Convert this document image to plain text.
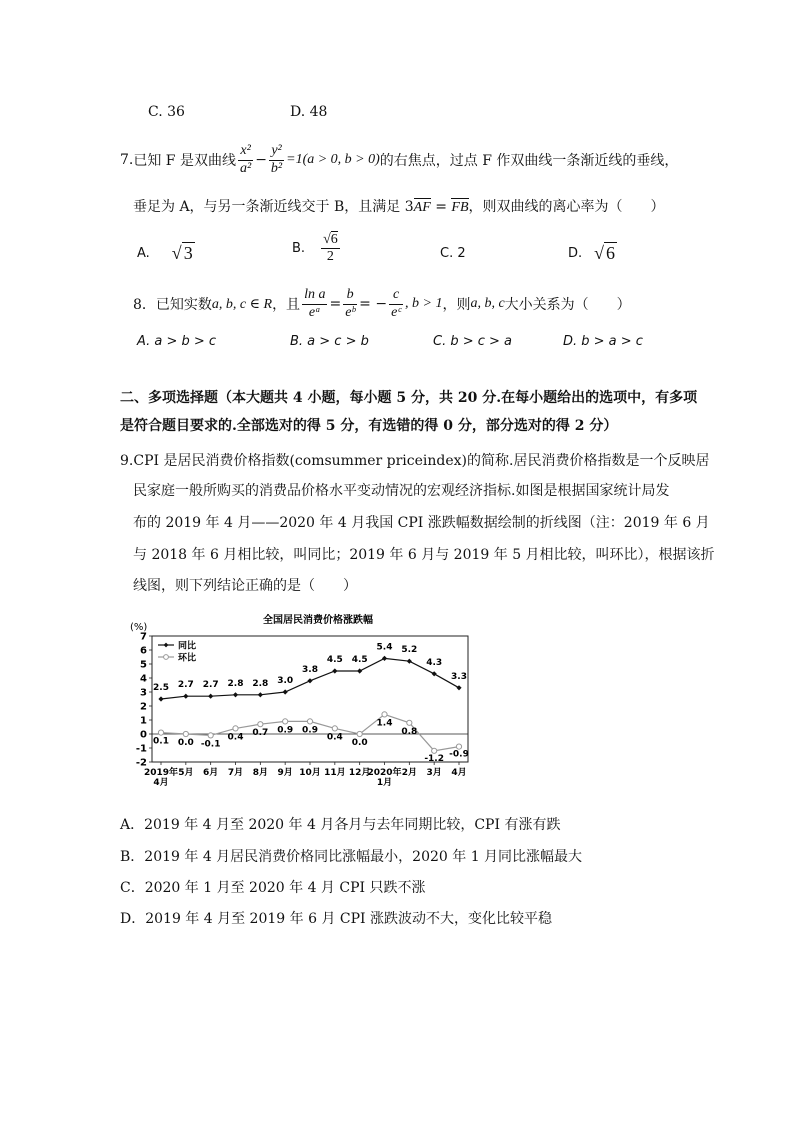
C. 36	D. 48
7. 已知 F 是双曲线 $\frac{\text{x²}}{\text{a²}} - \frac{\text{y²}}{\text{b²}} =1(a > 0$, b > 0) 的右焦点，过点 F 作双曲线一条渐近线的垂线，
垂足为 A，与另一条渐近线交于 B，且满足 3AF = FB，则双曲线的离心率为（　　）
A. √ 3	B. $\frac{√6}{2}$	C. 2	D. √ 6
8．已知实数 a, b, c ∈ R ，且 $\frac{\text{ln a}}{\text{eᵃ}} = \frac{b}{\text{eᵇ}}$ = − $\frac{c}{\text{eᶜ}}$ , b > 1 ，则 a, b, c 大小关系为（　　）
A. a > b > c	B. a > c > b	C. b > c > a	D. b > a > c
二、多项选择题（本大题共 4 小题，每小题 5 分，共 20 分.在每小题给出的选项中，有多项
是符合题目要求的.全部选对的得 5 分，有选错的得 0 分，部分选对的得 2 分）
9.CPI 是居民消费价格指数(comsummer priceindex)的简称.居民消费价格指数是一个反映居
民家庭一般所购买的消费品价格水平变动情况的宏观经济指标.如图是根据国家统计局发
布的 2019 年 4 月——2020 年 4 月我国 CPI 涨跌幅数据绘制的折线图（注：2019 年 6 月
与 2018 年 6 月相比较，叫同比；2019 年 6 月与 2019 年 5 月相比较，叫环比），根据该折
线图，则下列结论正确的是（　　）
全国居民消费价格涨跌幅
(%)
7
6
5
4
3
2
1
0
-1
-2
2019年
4月
5月 6月 7月 8月 9月 10月 11月 12月
2020年
1月
2月 3月 4月
2.5 2.7 2.7 2.8 2.8 3.0
3.8
4.5 4.5
5.4 5.2
4.3
3.3
0.1 0.0 -0.1
0.4 0.7 0.9 0.9
0.4
0.0
1.4
0.8
-1.2 -0.9
同比
环比
A．2019 年 4 月至 2020 年 4 月各月与去年同期比较，CPI 有涨有跌
B．2019 年 4 月居民消费价格同比涨幅最小，2020 年 1 月同比涨幅最大
C．2020 年 1 月至 2020 年 4 月 CPI 只跌不涨
D．2019 年 4 月至 2019 年 6 月 CPI 涨跌波动不大，变化比较平稳
